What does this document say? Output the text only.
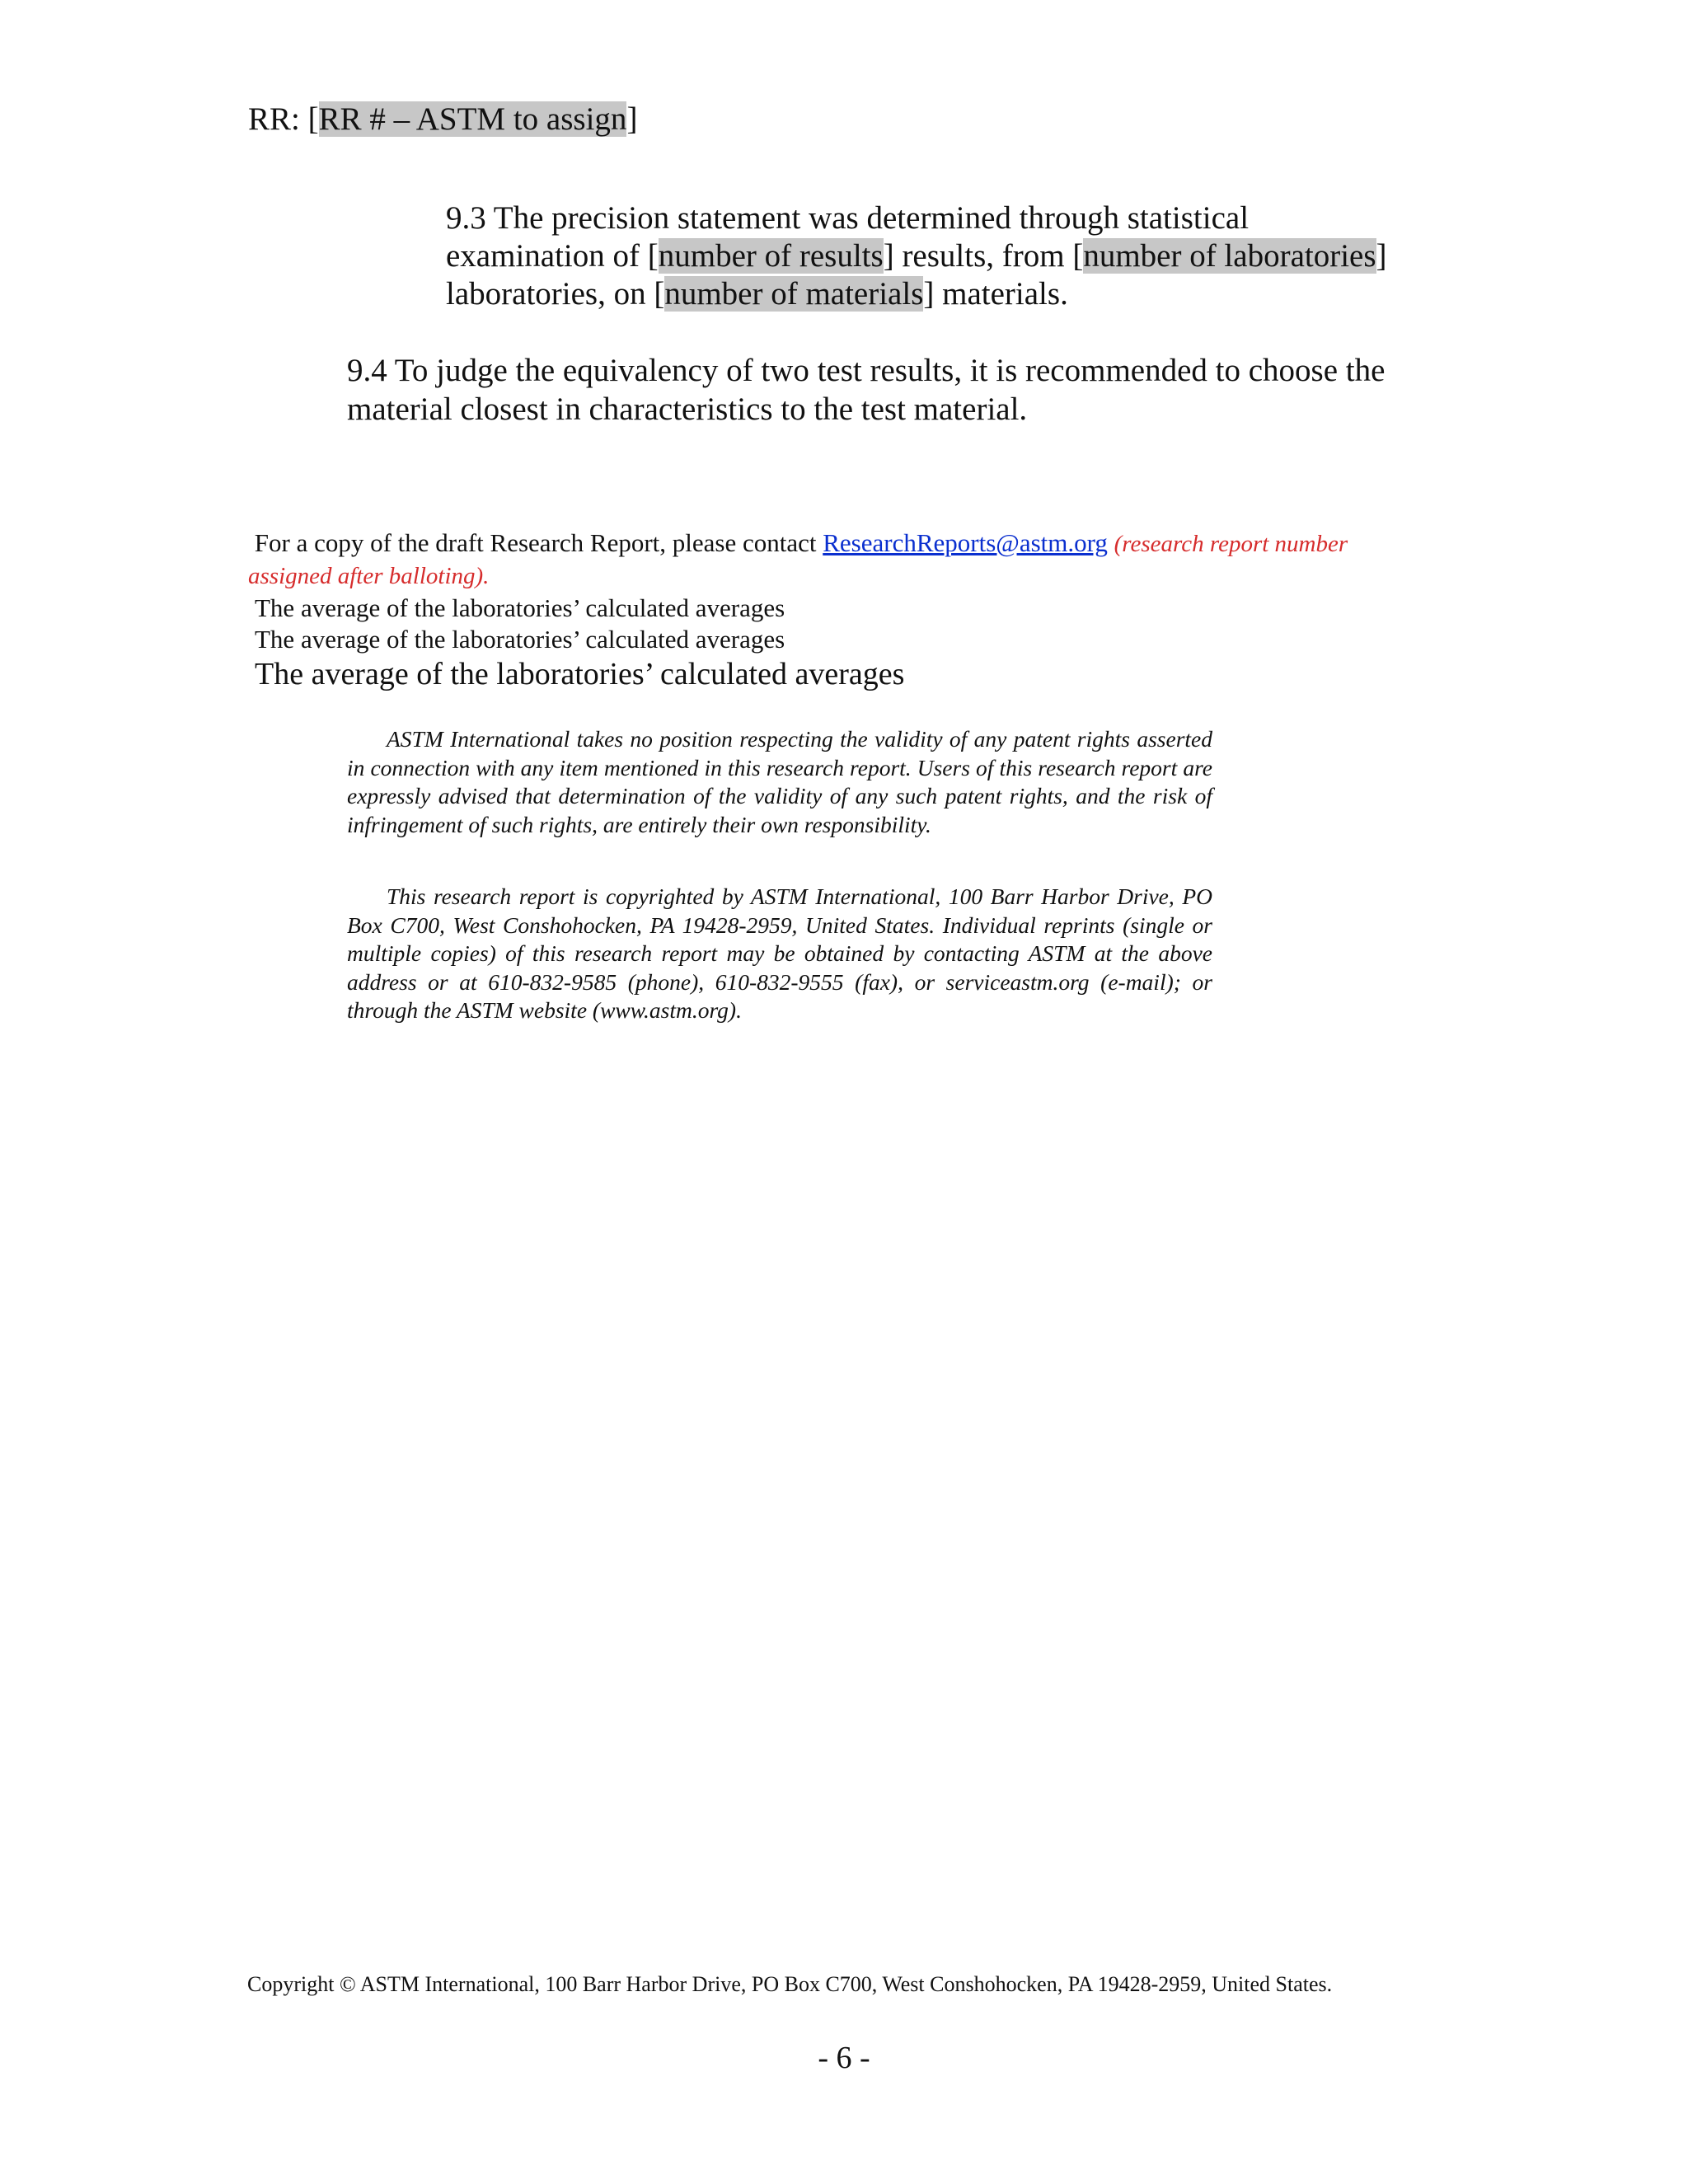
RR: [RR # – ASTM to assign]
9.3 The precision statement was determined through statistical
examination of [number of results] results, from [number of laboratories]
laboratories, on [number of materials] materials.
9.4 To judge the equivalency of two test results, it is recommended to choose the
material closest in characteristics to the test material.
For a copy of the draft Research Report, please contact ResearchReports@astm.org (research report number assigned after balloting).
The average of the laboratories’ calculated averages
The average of the laboratories’ calculated averages
The average of the laboratories’ calculated averages

ASTM International takes no position respecting the validity of any patent rights asserted in connection with any item mentioned in this research report. Users of this research report are expressly advised that determination of the validity of any such patent rights, and the risk of infringement of such rights, are entirely their own responsibility.

This research report is copyrighted by ASTM International, 100 Barr Harbor Drive, PO Box C700, West Conshohocken, PA 19428-2959, United States. Individual reprints (single or multiple copies) of this research report may be obtained by contacting ASTM at the above address or at 610-832-9585 (phone), 610-832-9555 (fax), or serviceastm.org (e-mail); or through the ASTM website (www.astm.org).

Copyright © ASTM International, 100 Barr Harbor Drive, PO Box C700, West Conshohocken, PA 19428-2959, United States.
- 6 -
